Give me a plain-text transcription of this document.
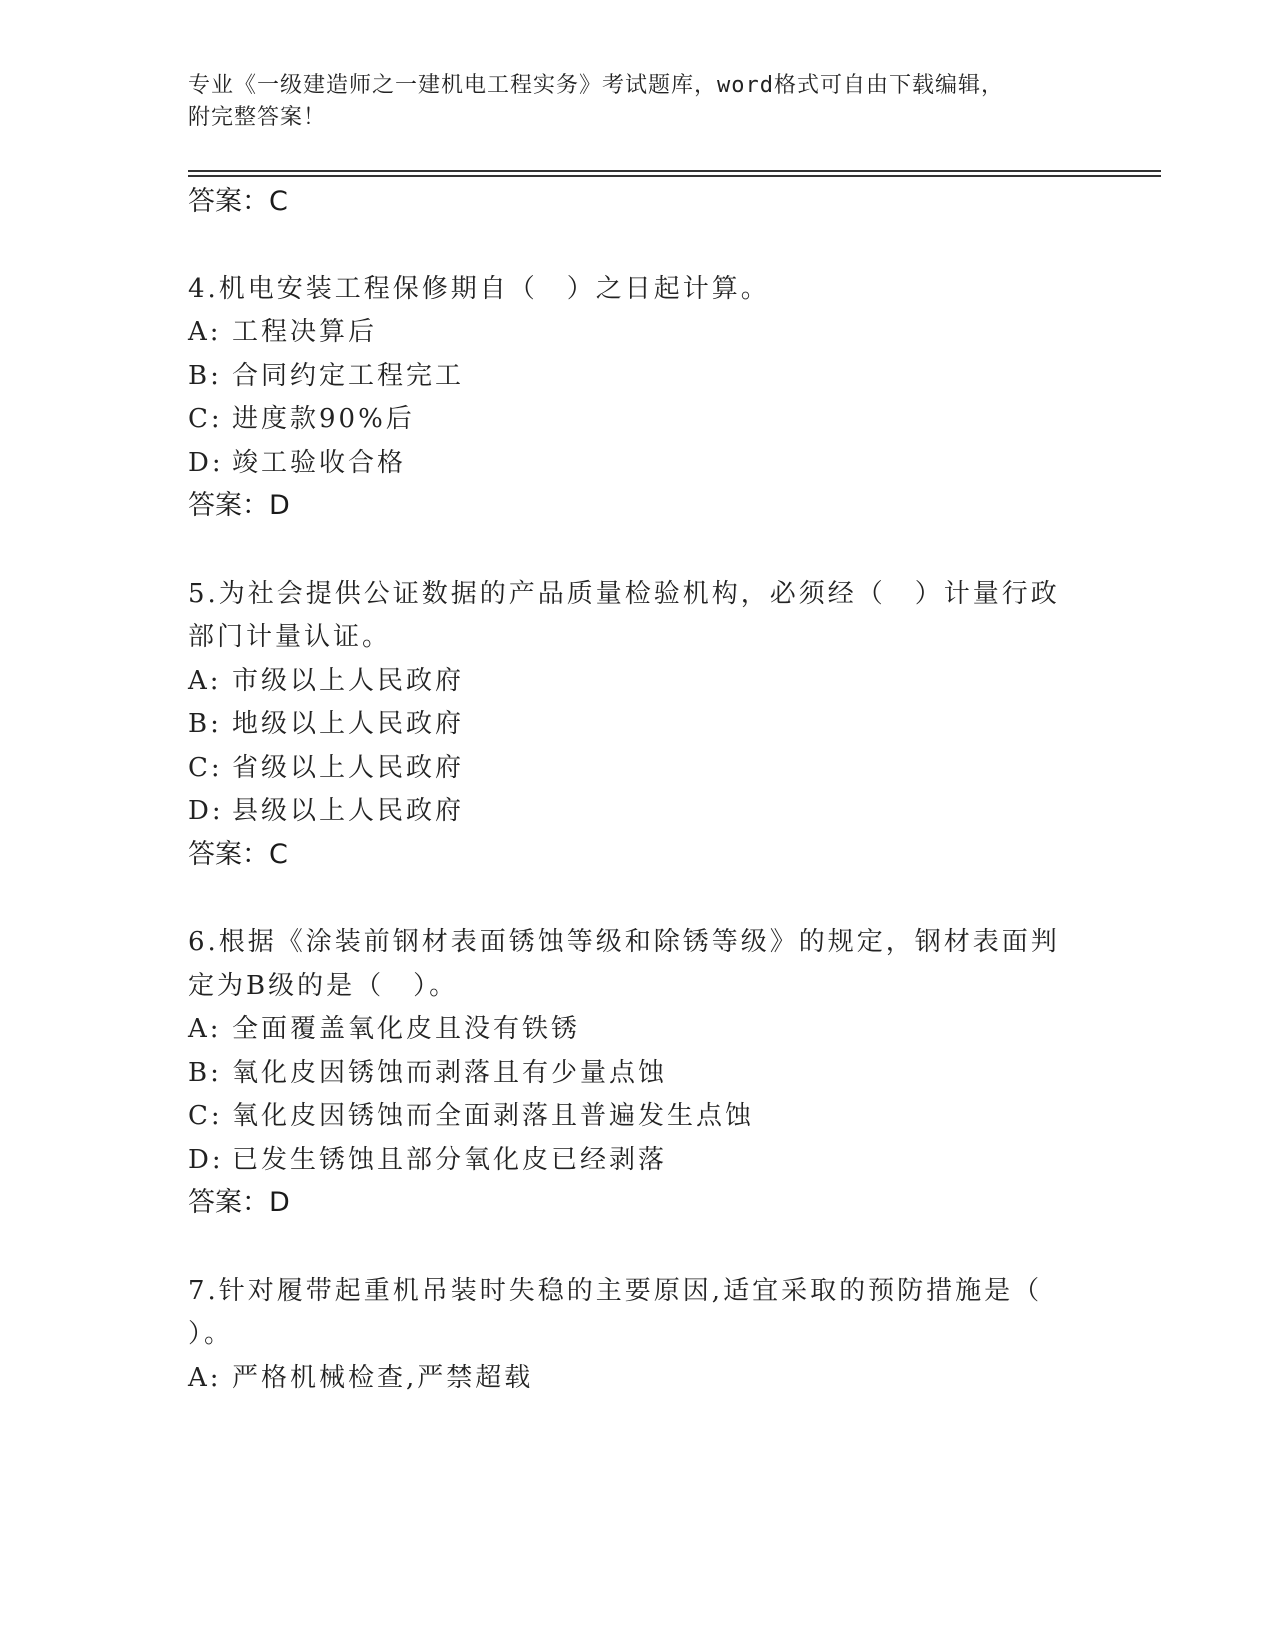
专业《一级建造师之一建机电工程实务》考试题库，word格式可自由下载编辑，
附完整答案！
答案：C
4.机电安装工程保修期自（　）之日起计算。
A: 工程决算后
B: 合同约定工程完工
C: 进度款90%后
D: 竣工验收合格
答案：D
5.为社会提供公证数据的产品质量检验机构，必须经（　）计量行政
部门计量认证。
A: 市级以上人民政府
B: 地级以上人民政府
C: 省级以上人民政府
D: 县级以上人民政府
答案：C
6.根据《涂装前钢材表面锈蚀等级和除锈等级》的规定，钢材表面判
定为B级的是（　）。
A: 全面覆盖氧化皮且没有铁锈
B: 氧化皮因锈蚀而剥落且有少量点蚀
C: 氧化皮因锈蚀而全面剥落且普遍发生点蚀
D: 已发生锈蚀且部分氧化皮已经剥落
答案：D
7.针对履带起重机吊装时失稳的主要原因,适宜采取的预防措施是（
）。
A: 严格机械检查,严禁超载
